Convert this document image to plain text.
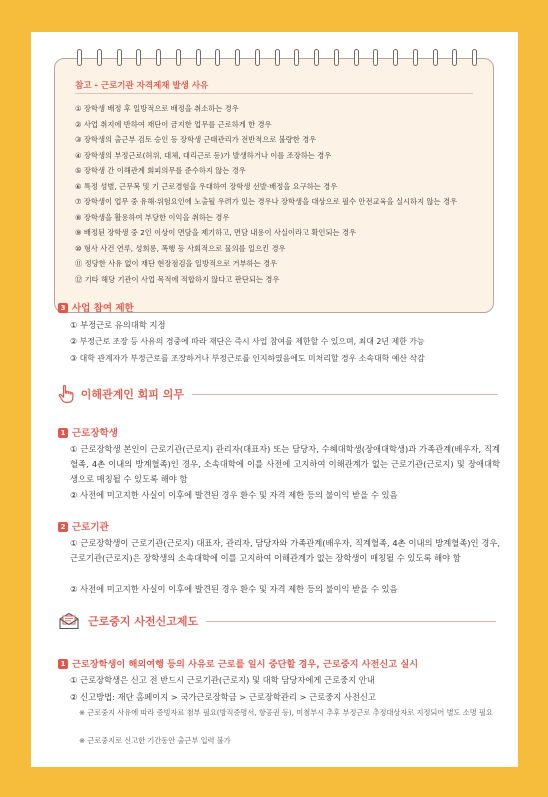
참고 - 근로기관 자격제재 발생 사유
① 장학생 배정 후 일방적으로 배정을 취소하는 경우
② 사업 취지에 반하여 재단이 금지한 업무를 근로하게 한 경우
③ 장학생의 출근부 검토 승인 등 장학생 근태관리가 전반적으로 불량한 경우
④ 장학생의 부정근로(허위, 대체, 대리근로 등)가 발생하거나 이를 조장하는 경우
⑤ 장학생 간 이해관계 회피의무를 준수하지 않는 경우
⑥ 특정 성별, 근무복 및 기 근로경험을 우대하여 장학생 선발·배정을 요구하는 경우
⑦ 장학생이 업무 중 유해·위험요인에 노출될 우려가 있는 경우나 장학생을 대상으로 필수 안전교육을 실시하지 않는 경우
⑧ 장학생을 활용하여 부당한 이익을 취하는 경우
⑨ 배정된 장학생 중 2인 이상이 면담을 제기하고, 면담 내용이 사실이라고 확인되는 경우
⑩ 형사 사건 연루, 성희롱, 폭행 등 사회적으로 물의를 일으킨 경우
⑪ 정당한 사유 없이 재단 현장점검을 일방적으로 거부하는 경우
⑫ 기타 해당 기관이 사업 목적에 적합하지 않다고 판단되는 경우
3 사업 참여 제한
① 부정근로 유의대학 지정
② 부정근로 조장 등 사유의 경중에 따라 재단은 즉시 사업 참여를 제한할 수 있으며, 최대 2년 제한 가능
③ 대학 관계자가 부정근로를 조장하거나 부정근로를 인지하였음에도 미처리할 경우 소속대학 예산 삭감
이해관계인 회피 의무
1 근로장학생
① 근로장학생 본인이 근로기관(근로지) 관리자(대표자) 또는 담당자, 수혜대학생(장애대학생)과 가족관계(배우자, 직계혈족, 4촌 이내의 방계혈족)인 경우, 소속대학에 이를 사전에 고지하여 이해관계가 없는 근로기관(근로지) 및 장애대학생으로 매칭될 수 있도록 해야 함
② 사전에 미고지한 사실이 이후에 발견된 경우 환수 및 자격 제한 등의 불이익 받을 수 있음
2 근로기관
① 근로장학생이 근로기관(근로지) 대표자, 관리자, 담당자와 가족관계(배우자, 직계혈족, 4촌 이내의 방계혈족)인 경우, 근로기관(근로지)은 장학생의 소속대학에 이를 고지하여 이해관계가 없는 장학생이 매칭될 수 있도록 해야 함
② 사전에 미고지한 사실이 이후에 발견된 경우 환수 및 자격 제한 등의 불이익 받을 수 있음
근로중지 사전신고제도
1 근로장학생이 해외여행 등의 사유로 근로를 일시 중단할 경우, 근로중지 사전신고 실시
① 근로장학생은 신고 전 반드시 근로기관(근로지) 및 대학 담당자에게 근로중지 안내
② 신고방법: 재단 홈페이지 > 국가근로장학금 > 근로장학관리 > 근로중지 사전신고
※ 근로중지 사유에 따라 증빙자료 첨부 필요(방직증명서, 항공권 등), 미첨부시 추후 부정근로 추정대상자로 지정되어 별도 소명 필요
※ 근로중지로 신고한 기간동안 출근부 입력 불가
